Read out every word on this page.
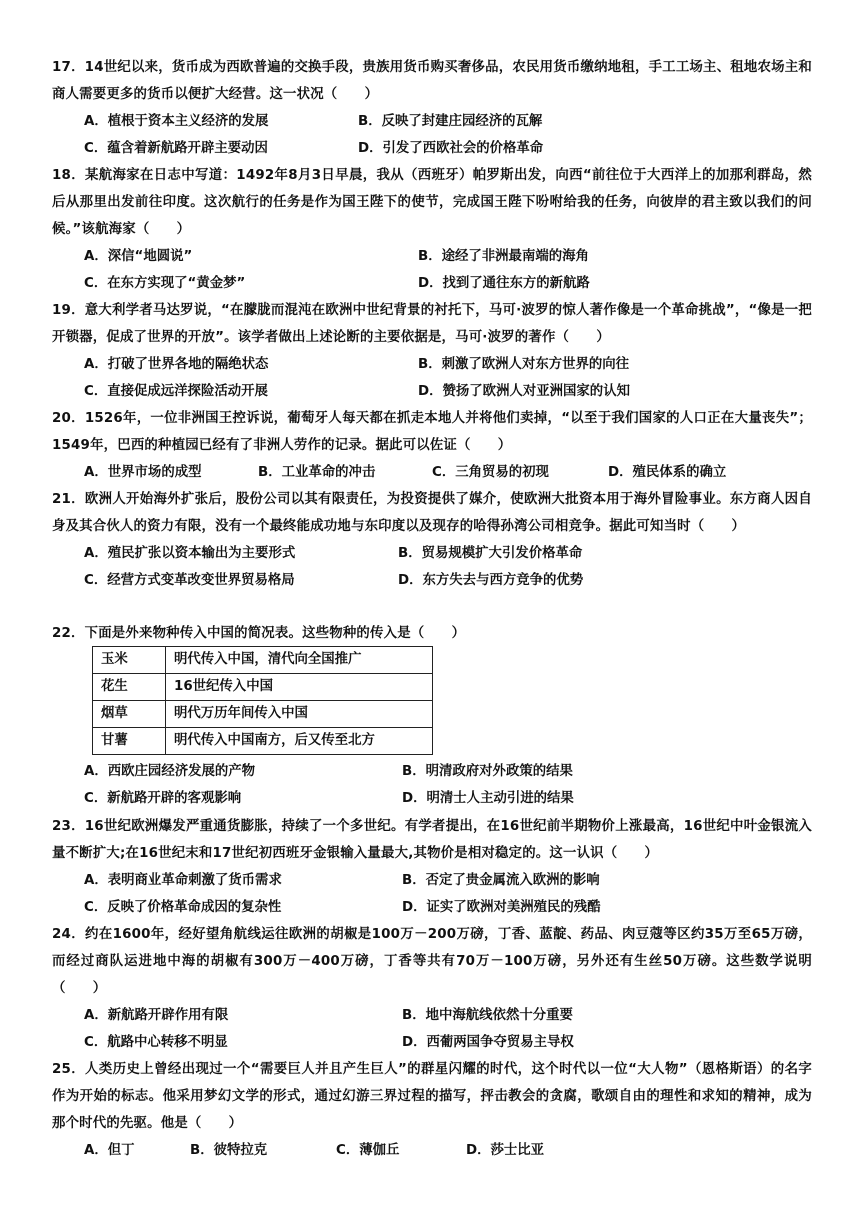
17．14世纪以来，货币成为西欧普遍的交换手段，贵族用货币购买奢侈品，农民用货币缴纳地租，手工工场主、租地农场主和商人需要更多的货币以便扩大经营。这一状况（　　）
A．植根于资本主义经济的发展	B．反映了封建庄园经济的瓦解
C．蕴含着新航路开辟主要动因	D．引发了西欧社会的价格革命
18．某航海家在日志中写道：1492年8月3日早晨，我从（西班牙）帕罗斯出发，向西“前往位于大西洋上的加那利群岛，然后从那里出发前往印度。这次航行的任务是作为国王陛下的使节，完成国王陛下吩咐给我的任务，向彼岸的君主致以我们的问候。”该航海家（　　）
A．深信“地圆说”	B．途经了非洲最南端的海角
C．在东方实现了“黄金梦”	D．找到了通往东方的新航路
19．意大利学者马达罗说，“在朦胧而混沌在欧洲中世纪背景的衬托下，马可·波罗的惊人著作像是一个革命挑战”，“像是一把开锁器，促成了世界的开放”。该学者做出上述论断的主要依据是，马可·波罗的著作（　　）
A．打破了世界各地的隔绝状态	B．刺激了欧洲人对东方世界的向往
C．直接促成远洋探险活动开展	D．赞扬了欧洲人对亚洲国家的认知
20．1526年，一位非洲国王控诉说，葡萄牙人每天都在抓走本地人并将他们卖掉，“以至于我们国家的人口正在大量丧失”；1549年，巴西的种植园已经有了非洲人劳作的记录。据此可以佐证（　　）
A．世界市场的成型	B．工业革命的冲击	C．三角贸易的初现	D．殖民体系的确立
21．欧洲人开始海外扩张后，股份公司以其有限责任，为投资提供了媒介，使欧洲大批资本用于海外冒险事业。东方商人因自身及其合伙人的资力有限，没有一个最终能成功地与东印度以及现存的哈得孙湾公司相竞争。据此可知当时（　　）
A．殖民扩张以资本输出为主要形式	B．贸易规模扩大引发价格革命
C．经营方式变革改变世界贸易格局	D．东方失去与西方竞争的优势
22．下面是外来物种传入中国的简况表。这些物种的传入是（　　）
玉米	明代传入中国，清代向全国推广
花生	16世纪传入中国
烟草	明代万历年间传入中国
甘薯	明代传入中国南方，后又传至北方
A．西欧庄园经济发展的产物	B．明清政府对外政策的结果
C．新航路开辟的客观影响	D．明清士人主动引进的结果
23．16世纪欧洲爆发严重通货膨胀，持续了一个多世纪。有学者提出，在16世纪前半期物价上涨最高，16世纪中叶金银流入量不断扩大;在16世纪末和17世纪初西班牙金银输入量最大,其物价是相对稳定的。这一认识（　　）
A．表明商业革命刺激了货币需求	B．否定了贵金属流入欧洲的影响
C．反映了价格革命成因的复杂性	D．证实了欧洲对美洲殖民的残酷
24．约在1600年，经好望角航线运往欧洲的胡椒是100万－200万磅，丁香、蓝靛、药品、肉豆蔻等区约35万至65万磅，而经过商队运进地中海的胡椒有300万－400万磅，丁香等共有70万－100万磅，另外还有生丝50万磅。这些数学说明（　　）
A．新航路开辟作用有限	B．地中海航线依然十分重要
C．航路中心转移不明显	D．西葡两国争夺贸易主导权
25．人类历史上曾经出现过一个“需要巨人并且产生巨人”的群星闪耀的时代，这个时代以一位“大人物”（恩格斯语）的名字作为开始的标志。他采用梦幻文学的形式，通过幻游三界过程的描写，抨击教会的贪腐，歌颂自由的理性和求知的精神，成为那个时代的先驱。他是（　　）
A．但丁	B．彼特拉克	C．薄伽丘	D．莎士比亚
